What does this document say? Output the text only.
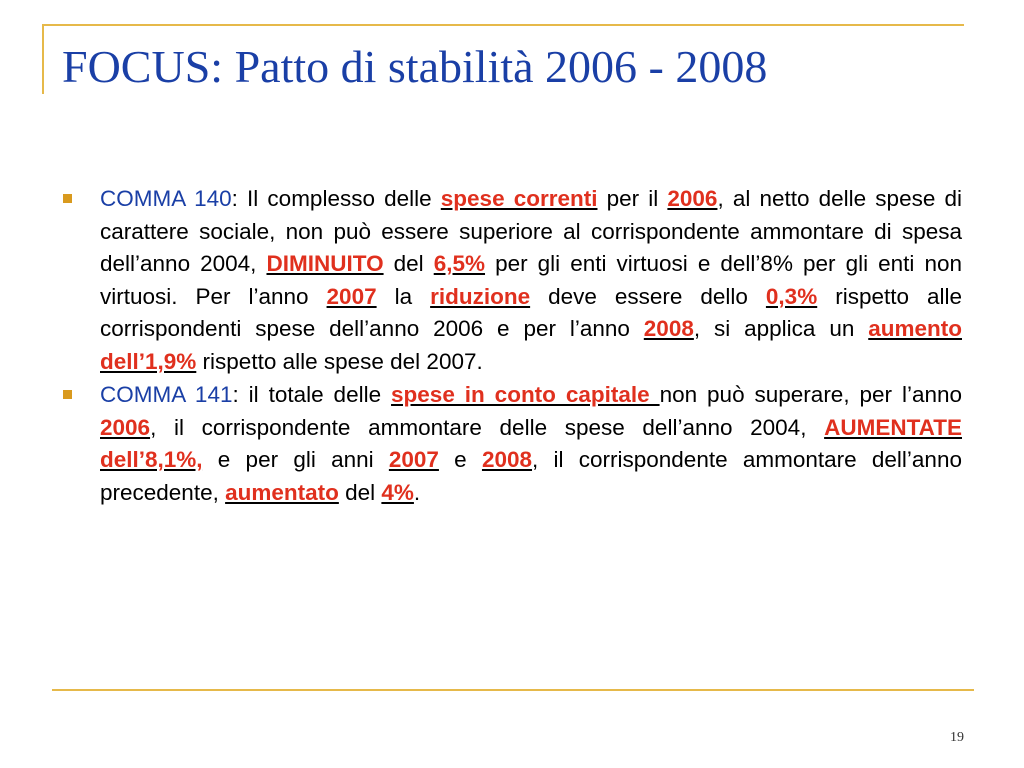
FOCUS: Patto di stabilità 2006 - 2008

COMMA 140: Il complesso delle spese correnti per il 2006, al netto delle spese di carattere sociale, non può essere superiore al corrispondente ammontare di spesa dell’anno 2004, DIMINUITO del 6,5% per gli enti virtuosi e dell’8% per gli enti non virtuosi. Per l’anno 2007 la riduzione deve essere dello 0,3% rispetto alle corrispondenti spese dell’anno 2006 e per l’anno 2008, si applica un aumento dell’1,9% rispetto alle spese del 2007.

COMMA 141: il totale delle spese in conto capitale non può superare, per l’anno 2006, il corrispondente ammontare delle spese dell’anno 2004, AUMENTATE dell’8,1%, e per gli anni 2007 e 2008, il corrispondente ammontare dell’anno precedente, aumentato del 4%.

19
